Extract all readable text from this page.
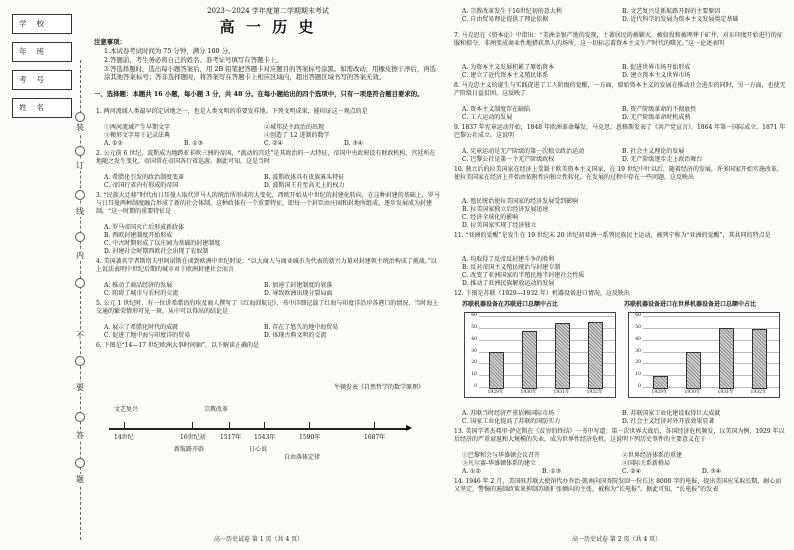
学校
年班
考号
姓名
装
订
线
内
不
要
答
题
2023～2024 学年度第二学期期末考试
高 一 历 史
注意事项：
1.本试卷考试时间为 75 分钟，满分 100 分。
2.答题前，考生务必将自己的姓名、准考证号填写在答题卡上。
3.答选择题时，选出每小题答案后，用 2B 铅笔把答题卡对应题目的答案标号涂黑。如需改动，用橡皮擦干净后，再选涂其他答案标号；答非选择题时，将答案写在答题卡上相应区域内，超出答题区域书写的答案无效。
一、选择题：本题共 16 小题，每小题 3 分，共 48 分。在每小题给出的四个选项中，只有一项是符合题目要求的。
1. 两河流域人类最早的定居地之一，也是人类文明的重要发祥地。下列文明成果，能印证这一观点的是
①两河流域产生早期文字	②城邦民主政治的出现
③楔形文字用于记录法典	④创造了 12 进制的数学
A. ①②	B. ①③	C. ②④	D. ③④
2. 公元前 6 世纪，波斯成为地跨亚非欧三洲的帝国，“流动的宫廷”是其政治的一大特征，帝国中央政府设有财政机构、宫廷所在地随之发生变化，帝国常在帝国各行省巡游。据此可知，这是当时
A. 希腊化引发的政治制度变革	B. 波斯政体具有贵族寡头特征
C. 帝国行省内有形成的帝国	D. 波斯国王有至高无上的权力
3. “民族大迁移”时代由日耳曼人取代罗马人的统治所形成的大变化，西欧开始从中世纪的封建化转向，在这种封建的基础上，罗马与日耳曼两种制度融合形成了新的社会体制，这种政体有一个重要特征，即每一个封臣由庄园和封地所组成，逐步发展成为封建制。“这一时期的重要特征是
A. 罗马帝国灭亡后形成新政体
B. 西欧封建制度开始形成
C. 中古时期形成了以庄园为基础的封建制度
D. 封建社会时期西欧社会出现了农奴制
4. 美国著名学者斯塔夫里阿诺斯在谈到欧洲中世纪时说：“以大商人与商业城市为代表的新兴力量对封建领主统治构成了挑战。”以上说法表明中世纪后期的城市对于欧洲封建社会而言
A. 推动了商品经济的发展	B. 加速了封建制度的衰落
C. 阻碍了城市与农村的交流	D. 导致欧洲出现分裂局面
5. 公元 1 世纪时，有一位讲希腊语的埃及商人撰写了《红海回航记》，书中详细记载了红海与印度洋沿岸各港口的情况，当时海上交通的繁荣情形可见一斑，从中可以得出的结论是
A. 展示了希腊化时代的成就	B. 存在了悠久的地中海贸易
C. 促进了地中海与印度洋的贸易	D. 体现古典文明的交流
6. 下图是“14—17 世纪欧洲大事时间轴”，以下解读正确的是
文艺复兴	宗教改革
牛顿发表《自然哲学的数学原理》
▶
14世纪	16世纪初 1517年 1543年	1590年	1687年
新航路开辟	日心说
自由落体定律
高一历史试卷 第 1 页（共 4 页）
A. 宗教改革发生于16世纪初的意大利	B. 文艺复兴是新航路开辟的主要原因
C. 自由贸易理论提供了理论依据	D. 近代科学的发展为资本主义发展奠定基础
7. 马克思在《资本论》中指出：“美洲金银产地的发现，土著居民的被剿灭、被奴役和被埋葬于矿井，对东印度开始进行的征服和掠夺，非洲变成商业性地猎获黑人的场所，这一切标志着资本主义生产时代的曙光。”这一论述表明
A. 为资本主义发展积累了原始资本	B. 促进世界市场开始形成
C. 建立了近代资本主义殖民体系	D. 建立资本主义世界市场
8. 马克思主义的诞生与实践促进了工人阶级的觉醒，一方面，原始资本主义的发展在推动社会进步的同时，另一方面，也使无产阶级日益贫困。这反映了
A. 资本主义制度存在缺陷	B. 资产阶级革命的不彻底性
C. 工人运动的发展	D. 无产阶级革命时机成熟
9. 1837 年宪章运动开始，1848 年欧洲革命爆发，马克思、恩格斯发表了《共产党宣言》。1864 年第一国际成立，1871 年巴黎公社成立。这说明
A. 宪章运动是无产阶级的第一次独立政治运动	B. 社会主义理论的发展
C. 巴黎公社是第一个无产阶级政权	D. 无产阶级逐步走上政治舞台
10. 独立后的拉美国家在经济上受制于欧美资本主义国家，在 19 世纪中叶以后，随着经济的发展，许多国家开始实施改革，使拉美国家在经济上开始由依附性向独立性转化，在发展的过程中存在一些问题，这反映出
A. 殖民统治使拉美国家的经济发展受到影响
B. 拉美国家独立后经济发展迅速
C. 经济全球化的影响
D. 拉美国家实现了经济独立
11. “亚洲的觉醒”是发生在 19 世纪末 20 世纪初亚洲一系列民族民主运动，被列宁称为“亚洲的觉醒”，其共同的特点是
A. 均取得了反帝反封建斗争的胜利
B. 反对帝国主义殖民统治与封建专制
C. 改变了亚洲国家的半殖民地半封建社会性质
D. 推动了亚洲民族解放运动的发展
12. 下图是苏联（1929—1932 年）机器设备进口情况，这反映出
苏联机器设备在苏联进口总额中占比	苏联机器设备进口在世界机器设备进口总额中占比
60
50
40
30
20
10
0
1929年	1930年	1931年	1932年
60
50
40
30
20
10
0
1929年	1930年	1931年	1932年
A. 苏联当时经济严重依赖国际市场	B. 苏联国家工业化建设取得巨大成就
C. 国家工业化提高了苏联的国防实力	D. 社会主义经济对外开放效果显著
13. 美国学者杰弗里·萨克斯在《贫穷的终结》一书中写道：第一次世界大战后，各国经济危机频发，以美国为例，1929 年以后经济的严重衰退和大规模的失业，成为世界性经济危机。这说明下列历史事件的主要意义在于
①巴黎和会与华盛顿会议召开	②世界经济体系的重建
③凡尔赛-华盛顿体系的建立	④国际关系新格局
A. ①②	B. ①③	C. ②④	D. ③④
14. 1946 年 2 月，美国驻苏联大使馆代办乔治·凯南向国务院发回一份长达 8000 字的电报，提出美国应采取长期、耐心而又坚定、警惕的遏制政策来抑制苏联扩张倾向的主张，被称为“长电报”。据此可知，“长电报”的发表
高一历史试卷 第 2 页（共 4 页）
